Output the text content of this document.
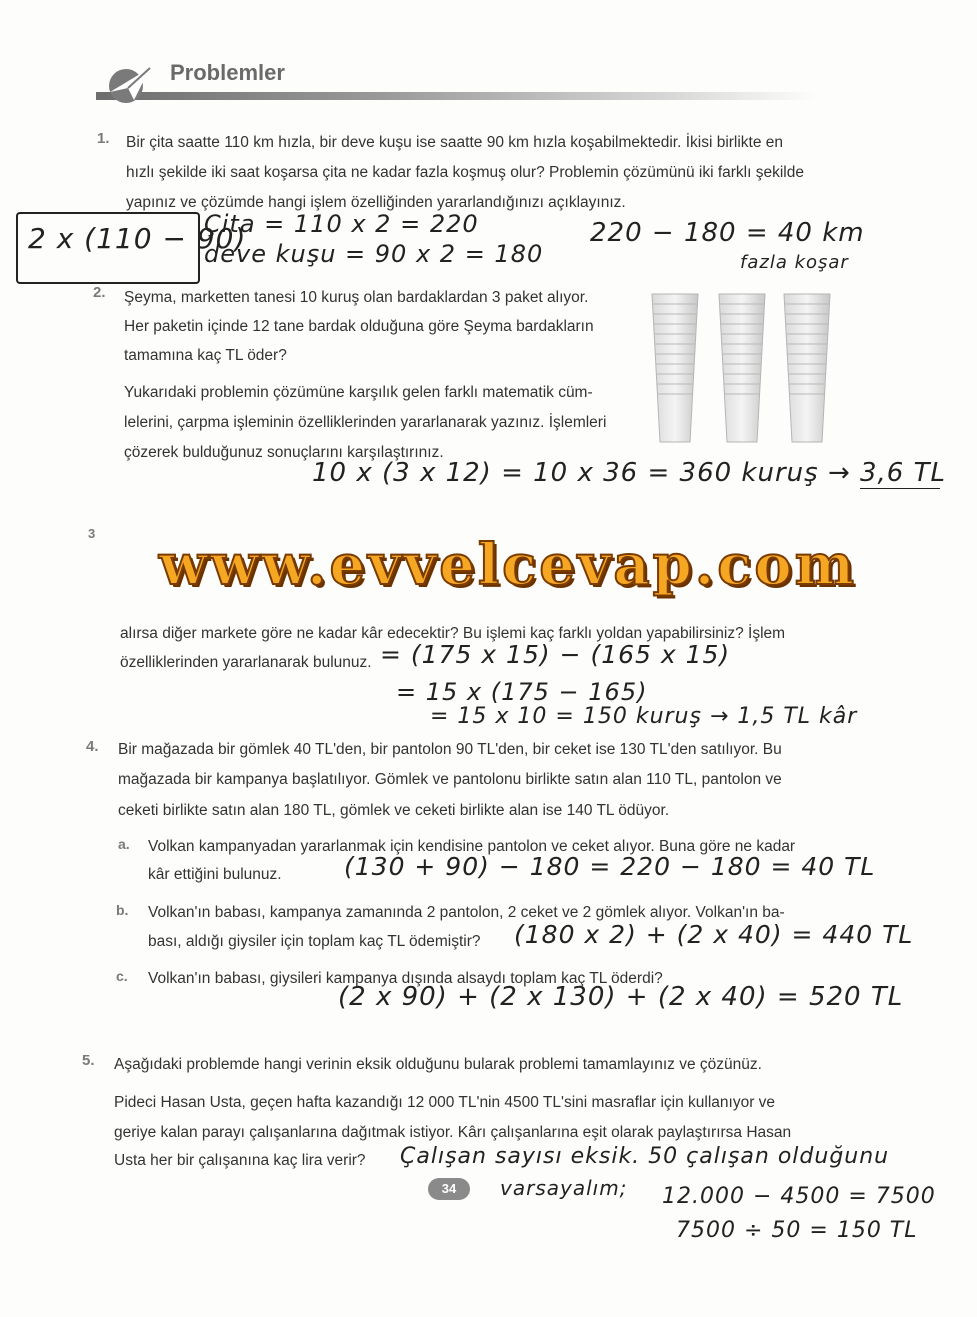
Problemler
1. Bir çita saatte 110 km hızla, bir deve kuşu ise saatte 90 km hızla koşabilmektedir. İkisi birlikte en
hızlı şekilde iki saat koşarsa çita ne kadar fazla koşmuş olur? Problemin çözümünü iki farklı şekilde
yapınız ve çözümde hangi işlem özelliğinden yararlandığınızı açıklayınız.
2 x (110 − 90)
Çita = 110 x 2 = 220
deve kuşu = 90 x 2 = 180
220 − 180 = 40 km
fazla koşar
2. Şeyma, marketten tanesi 10 kuruş olan bardaklardan 3 paket alıyor.
Her paketin içinde 12 tane bardak olduğuna göre Şeyma bardakların
tamamına kaç TL öder?
Yukarıdaki problemin çözümüne karşılık gelen farklı matematik cüm-
lelerini, çarpma işleminin özelliklerinden yararlanarak yazınız. İşlemleri
çözerek bulduğunuz sonuçlarını karşılaştırınız.
10 x (3 x 12) = 10 x 36 = 360 kuruş → 3,6 TL
3	www.evvelcevap.com
alırsa diğer markete göre ne kadar kâr edecektir? Bu işlemi kaç farklı yoldan yapabilirsiniz? İşlem
özelliklerinden yararlanarak bulunuz. = (175 x 15) − (165 x 15)
= 15 x (175 − 165)
= 15 x 10 = 150 kuruş → 1,5 TL kâr
4. Bir mağazada bir gömlek 40 TL'den, bir pantolon 90 TL'den, bir ceket ise 130 TL'den satılıyor. Bu
mağazada bir kampanya başlatılıyor. Gömlek ve pantolonu birlikte satın alan 110 TL, pantolon ve
ceketi birlikte satın alan 180 TL, gömlek ve ceketi birlikte alan ise 140 TL ödüyor.
a. Volkan kampanyadan yararlanmak için kendisine pantolon ve ceket alıyor. Buna göre ne kadar
kâr ettiğini bulunuz. (130 + 90) − 180 = 220 − 180 = 40 TL
b. Volkan'ın babası, kampanya zamanında 2 pantolon, 2 ceket ve 2 gömlek alıyor. Volkan'ın ba-
bası, aldığı giysiler için toplam kaç TL ödemiştir? (180 x 2) + (2 x 40) = 440 TL
c. Volkan'ın babası, giysileri kampanya dışında alsaydı toplam kaç TL öderdi?
(2 x 90) + (2 x 130) + (2 x 40) = 520 TL
5. Aşağıdaki problemde hangi verinin eksik olduğunu bularak problemi tamamlayınız ve çözünüz.
Pideci Hasan Usta, geçen hafta kazandığı 12 000 TL'nin 4500 TL'sini masraflar için kullanıyor ve
geriye kalan parayı çalışanlarına dağıtmak istiyor. Kârı çalışanlarına eşit olarak paylaştırırsa Hasan
Usta her bir çalışanına kaç lira verir? Çalışan sayısı eksik. 50 çalışan olduğunu
varsayalım; 12.000 − 4500 = 7500
7500 ÷ 50 = 150 TL
34
